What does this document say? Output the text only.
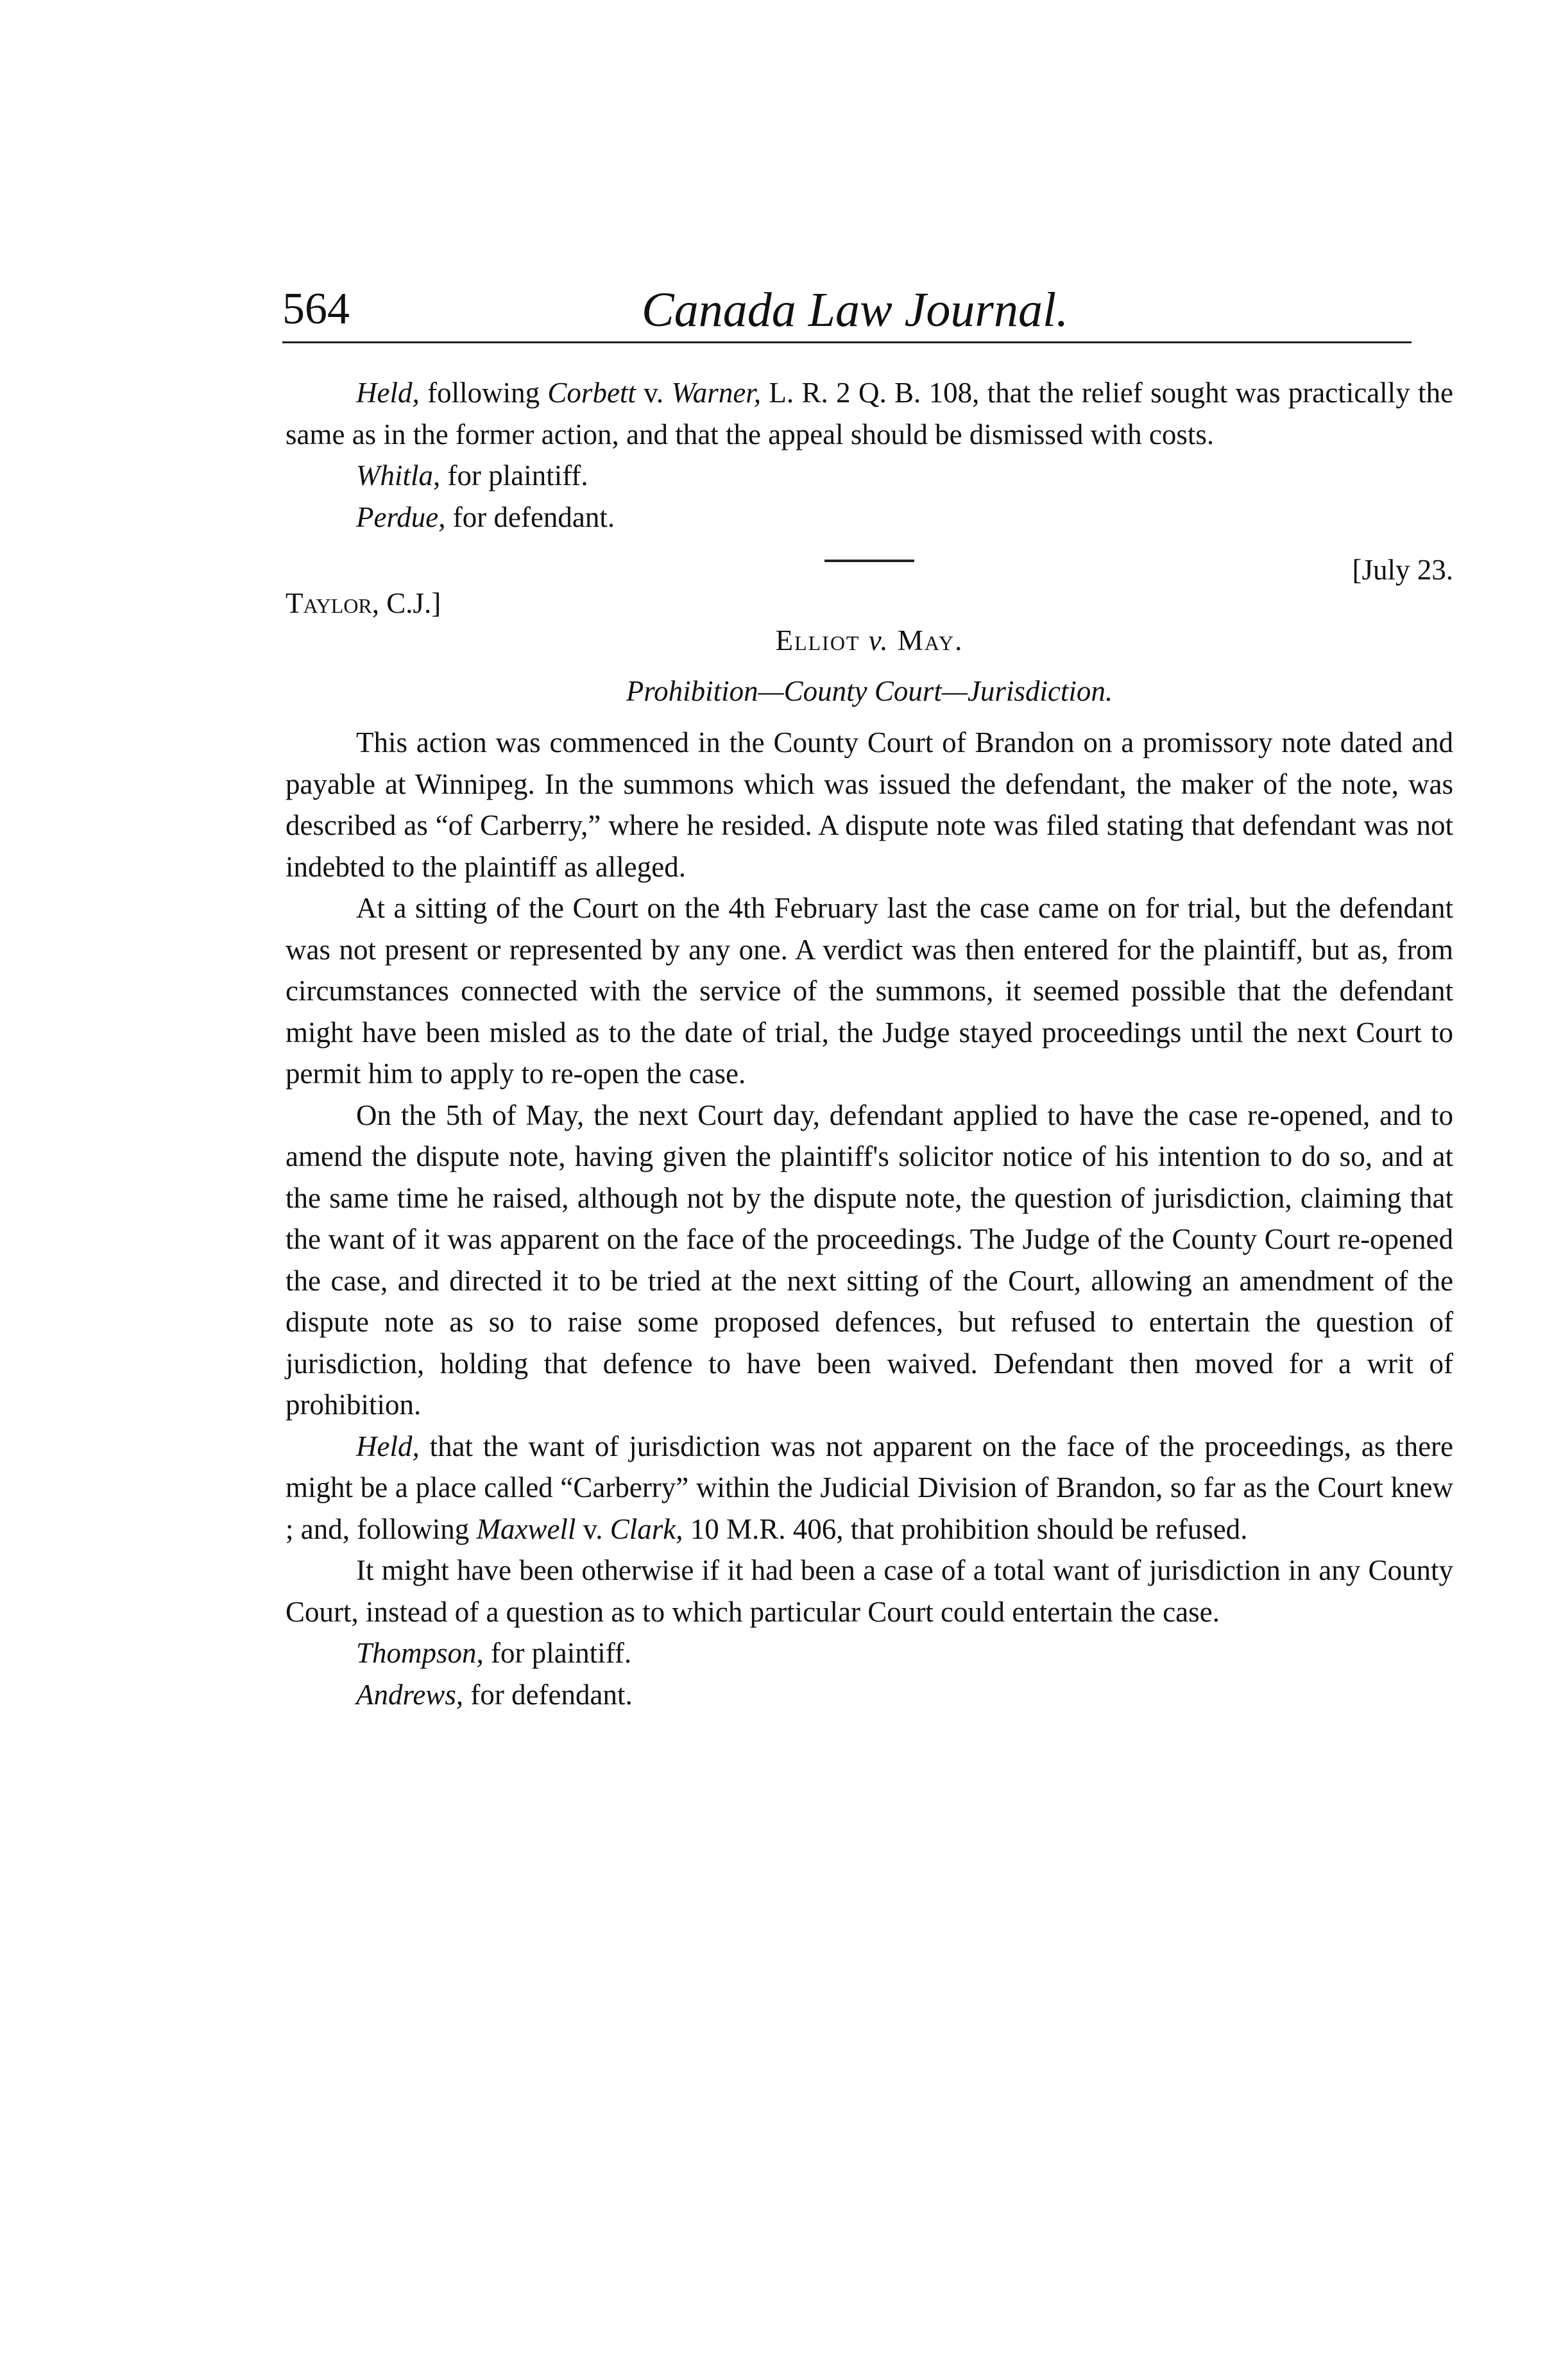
564	Canada Law Journal.

Held, following Corbett v. Warner, L. R. 2 Q. B. 108, that the relief sought was practically the same as in the former action, and that the appeal should be dismissed with costs.

Whitla, for plaintiff.

Perdue, for defendant.

Taylor, C.J.]
[July 23.

Elliot v. May.

Prohibition—County Court—Jurisdiction.

This action was commenced in the County Court of Brandon on a promissory note dated and payable at Winnipeg. In the summons which was issued the defendant, the maker of the note, was described as “of Carberry,” where he resided. A dispute note was filed stating that defendant was not indebted to the plaintiff as alleged.

At a sitting of the Court on the 4th February last the case came on for trial, but the defendant was not present or represented by any one. A verdict was then entered for the plaintiff, but as, from circumstances connected with the service of the summons, it seemed possible that the defendant might have been misled as to the date of trial, the Judge stayed proceedings until the next Court to permit him to apply to re-open the case.

On the 5th of May, the next Court day, defendant applied to have the case re-opened, and to amend the dispute note, having given the plaintiff's solicitor notice of his intention to do so, and at the same time he raised, although not by the dispute note, the question of jurisdiction, claiming that the want of it was apparent on the face of the proceedings. The Judge of the County Court re-opened the case, and directed it to be tried at the next sitting of the Court, allowing an amendment of the dispute note as so to raise some proposed defences, but refused to entertain the question of jurisdiction, holding that defence to have been waived. Defendant then moved for a writ of prohibition.

Held, that the want of jurisdiction was not apparent on the face of the proceedings, as there might be a place called “Carberry” within the Judicial Division of Brandon, so far as the Court knew ; and, following Maxwell v. Clark, 10 M.R. 406, that prohibition should be refused.

It might have been otherwise if it had been a case of a total want of jurisdiction in any County Court, instead of a question as to which particular Court could entertain the case.

Thompson, for plaintiff.

Andrews, for defendant.
